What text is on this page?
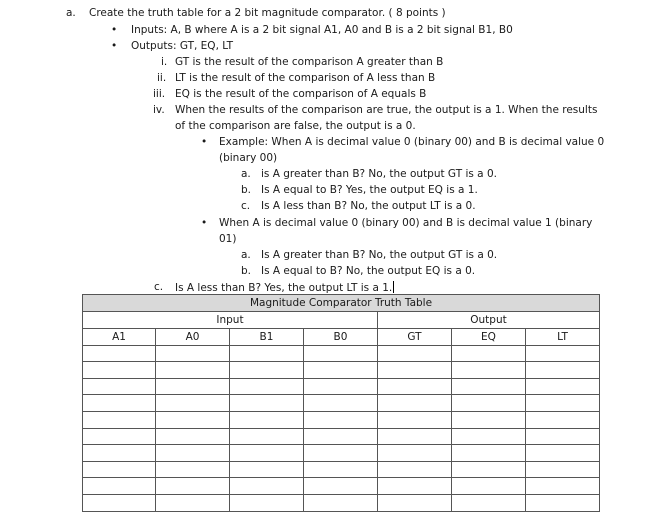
a. Create the truth table for a 2 bit magnitude comparator. ( 8 points )
• Inputs: A, B where A is a 2 bit signal A1, A0 and B is a 2 bit signal B1, B0
• Outputs: GT, EQ, LT
i. GT is the result of the comparison A greater than B
ii. LT is the result of the comparison of A less than B
iii. EQ is the result of the comparison of A equals B
iv. When the results of the comparison are true, the output is a 1. When the results
of the comparison are false, the output is a 0.
• Example: When A is decimal value 0 (binary 00) and B is decimal value 0
(binary 00)
a. is A greater than B? No, the output GT is a 0.
b. Is A equal to B? Yes, the output EQ is a 1.
c. Is A less than B? No, the output LT is a 0.
• When A is decimal value 0 (binary 00) and B is decimal value 1 (binary
01)
a. Is A greater than B? No, the output GT is a 0.
b. Is A equal to B? No, the output EQ is a 0.
c. Is A less than B? Yes, the output LT is a 1.
Magnitude Comparator Truth Table						
Input				Output		
A1	A0	B1	B0	GT	EQ	LT
